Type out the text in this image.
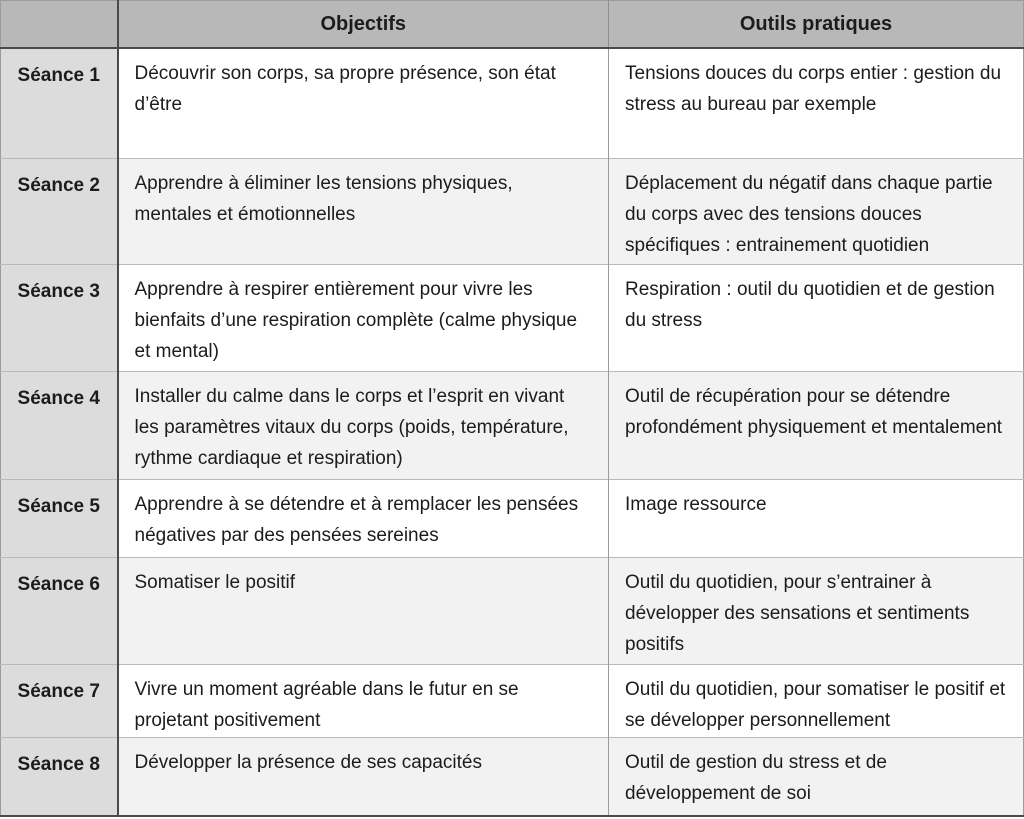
	Objectifs	Outils pratiques
Séance 1	Découvrir son corps, sa propre présence, son état d’être	Tensions douces du corps entier : gestion du stress au bureau par exemple
Séance 2	Apprendre à éliminer les tensions physiques, mentales et émotionnelles	Déplacement du négatif dans chaque partie du corps avec des tensions douces spécifiques : entrainement quotidien
Séance 3	Apprendre à respirer entièrement pour vivre les bienfaits d’une respiration complète (calme physique et mental)	Respiration : outil du quotidien et de gestion du stress
Séance 4	Installer du calme dans le corps et l’esprit en vivant les paramètres vitaux du corps (poids, température, rythme cardiaque et respiration)	Outil de récupération pour se détendre profondément physiquement et mentalement
Séance 5	Apprendre à se détendre et à remplacer les pensées négatives par des pensées sereines	Image ressource
Séance 6	Somatiser le positif	Outil du quotidien, pour s’entrainer à développer des sensations et sentiments positifs
Séance 7	Vivre un moment agréable dans le futur en se projetant positivement	Outil du quotidien, pour somatiser le positif et se développer personnellement
Séance 8	Développer la présence de ses capacités	Outil de gestion du stress et de développement de soi
